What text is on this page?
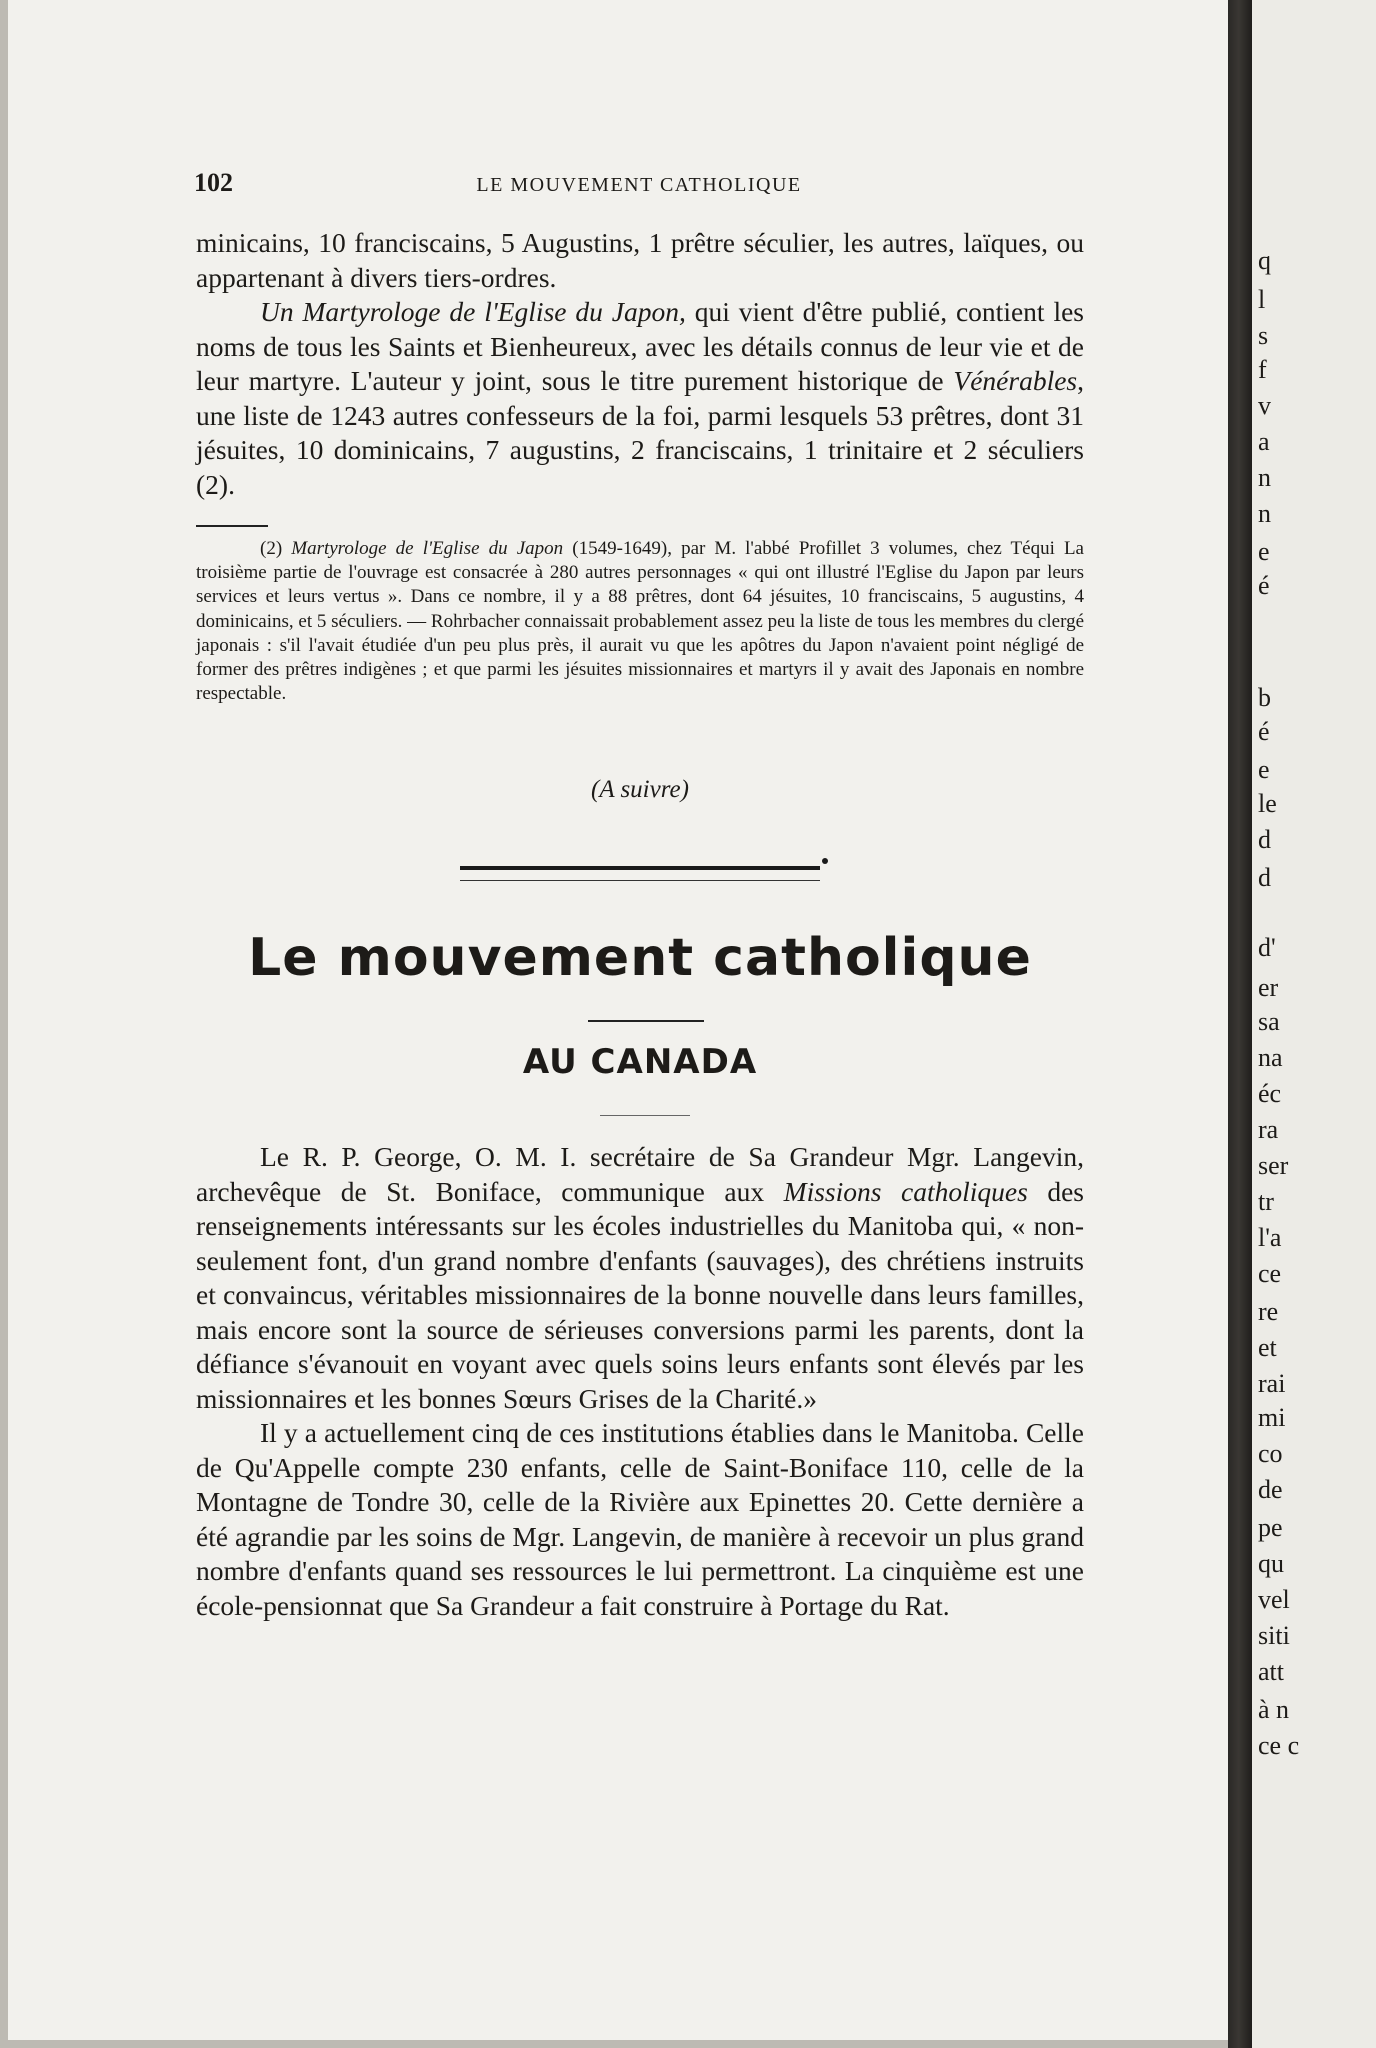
q
l
s
f
v
a
n
n
e
é
b
é
e
le
d
d
d'
er
sa
na
éc
ra
ser
tr
l'a
ce
re
et
rai
mi
co
de
pe
qu
vel
siti
att
à n
ce c
102	LE MOUVEMENT CATHOLIQUE

minicains, 10 franciscains, 5 Augustins, 1 prêtre séculier, les autres, laïques, ou appartenant à divers tiers-ordres.

Un Martyrologe de l'Eglise du Japon, qui vient d'être publié, contient les noms de tous les Saints et Bienheureux, avec les détails connus de leur vie et de leur martyre. L'auteur y joint, sous le titre purement historique de Vénérables, une liste de 1243 autres confesseurs de la foi, parmi lesquels 53 prêtres, dont 31 jésuites, 10 dominicains, 7 augustins, 2 franciscains, 1 trinitaire et 2 séculiers (2).

(2) Martyrologe de l'Eglise du Japon (1549-1649), par M. l'abbé Profillet 3 volumes, chez Téqui La troisième partie de l'ouvrage est consacrée à 280 autres personnages « qui ont illustré l'Eglise du Japon par leurs services et leurs vertus ». Dans ce nombre, il y a 88 prêtres, dont 64 jésuites, 10 franciscains, 5 augustins, 4 dominicains, et 5 séculiers. — Rohrbacher connaissait probablement assez peu la liste de tous les membres du clergé japonais : s'il l'avait étudiée d'un peu plus près, il aurait vu que les apôtres du Japon n'avaient point négligé de former des prêtres indigènes ; et que parmi les jésuites missionnaires et martyrs il y avait des Japonais en nombre respectable.

(A suivre)
Le mouvement catholique
AU CANADA

Le R. P. George, O. M. I. secrétaire de Sa Grandeur Mgr. Langevin, archevêque de St. Boniface, communique aux Missions catholiques des renseignements intéressants sur les écoles industrielles du Manitoba qui, « non-seulement font, d'un grand nombre d'enfants (sauvages), des chrétiens instruits et convaincus, véritables missionnaires de la bonne nouvelle dans leurs familles, mais encore sont la source de sérieuses conversions parmi les parents, dont la défiance s'évanouit en voyant avec quels soins leurs enfants sont élevés par les missionnaires et les bonnes Sœurs Grises de la Charité.»

Il y a actuellement cinq de ces institutions établies dans le Manitoba. Celle de Qu'Appelle compte 230 enfants, celle de Saint-Boniface 110, celle de la Montagne de Tondre 30, celle de la Rivière aux Epinettes 20. Cette dernière a été agrandie par les soins de Mgr. Langevin, de manière à recevoir un plus grand nombre d'enfants quand ses ressources le lui permettront. La cinquième est une école-pensionnat que Sa Grandeur a fait construire à Portage du Rat.
